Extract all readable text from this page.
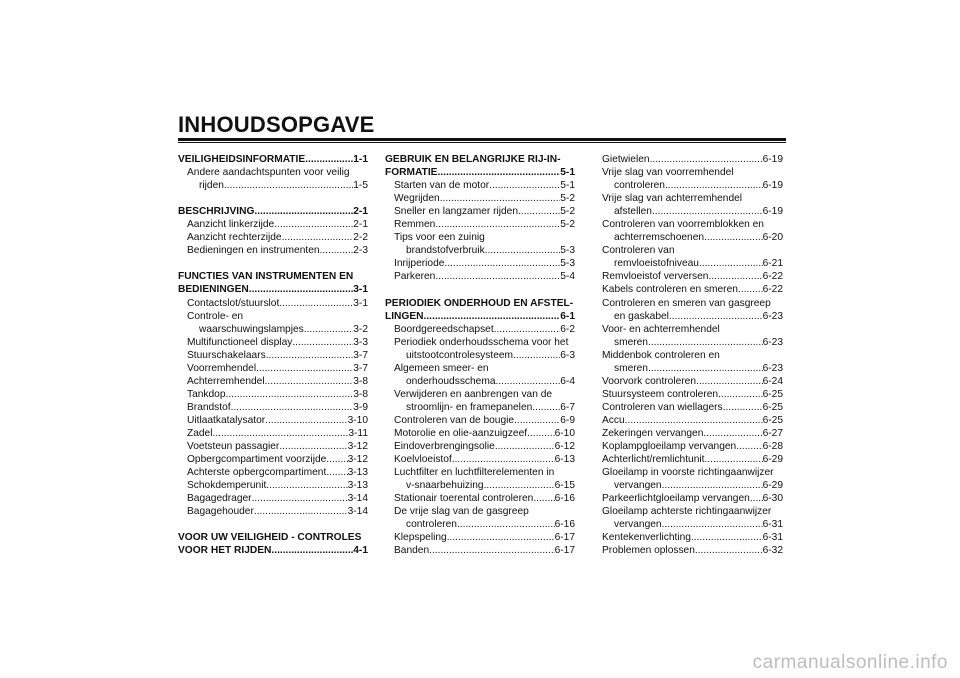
INHOUDSOPGAVE
VEILIGHEIDSINFORMATIE .....	1-1
Andere aandachtspunten voor veilig
rijden .....	1-5
BESCHRIJVING .....	2-1
Aanzicht linkerzijde .....	2-1
Aanzicht rechterzijde .....	2-2
Bedieningen en instrumenten .....	2-3
FUNCTIES VAN INSTRUMENTEN EN
BEDIENINGEN .....	3-1
Contactslot/stuurslot .....	3-1
Controle- en
waarschuwingslampjes .....	3-2
Multifunctioneel display .....	3-3
Stuurschakelaars .....	3-7
Voorremhendel .....	3-7
Achterremhendel .....	3-8
Tankdop .....	3-8
Brandstof .....	3-9
Uitlaatkatalysator .....	3-10
Zadel .....	3-11
Voetsteun passagier .....	3-12
Opbergcompartiment voorzijde ..... 3-12
Achterste opbergcompartiment ..... 3-13
Schokdemperunit .....	3-13
Bagagedrager .....	3-14
Bagagehouder .....	3-14
VOOR UW VEILIGHEID - CONTROLES
VOOR HET RIJDEN .....	4-1
GEBRUIK EN BELANGRIJKE RIJ-IN-
FORMATIE .....	5-1
Starten van de motor .....	5-1
Wegrijden .....	5-2
Sneller en langzamer rijden .....	5-2
Remmen .....	5-2
Tips voor een zuinig
brandstofverbruik .....	5-3
Inrijperiode .....	5-3
Parkeren .....	5-4
PERIODIEK ONDERHOUD EN AFSTEL-
LINGEN .....	6-1
Boordgereedschapset .....	6-2
Periodiek onderhoudsschema voor het
uitstootcontrolesysteem .....	6-3
Algemeen smeer- en
onderhoudsschema .....	6-4
Verwijderen en aanbrengen van de
stroomlijn- en framepanelen .....	6-7
Controleren van de bougie .....	6-9
Motorolie en olie-aanzuigzeef .....	6-10
Eindoverbrengingsolie .....	6-12
Koelvloeistof .....	6-13
Luchtfilter en luchtfilterelementen in
v-snaarbehuizing .....	6-15
Stationair toerental controleren ..... 6-16
De vrije slag van de gasgreep
controleren .....	6-16
Klepspeling .....	6-17
Banden .....	6-17
Gietwielen .....	6-19
Vrije slag van voorremhendel
controleren .....	6-19
Vrije slag van achterremhendel
afstellen .....	6-19
Controleren van voorremblokken en
achterremschoenen .....	6-20
Controleren van
remvloeistofniveau .....	6-21
Remvloeistof verversen .....	6-22
Kabels controleren en smeren ..... 6-22
Controleren en smeren van gasgreep
en gaskabel .....	6-23
Voor- en achterremhendel
smeren .....	6-23
Middenbok controleren en
smeren .....	6-23
Voorvork controleren .....	6-24
Stuursysteem controleren .....	6-25
Controleren van wiellagers .....	6-25
Accu .....	6-25
Zekeringen vervangen .....	6-27
Koplampgloeilamp vervangen .....	6-28
Achterlicht/remlichtunit .....	6-29
Gloeilamp in voorste richtingaanwijzer
vervangen .....	6-29
Parkeerlichtgloeilamp vervangen ..... 6-30
Gloeilamp achterste richtingaanwijzer
vervangen .....	6-31
Kentekenverlichting .....	6-31
Problemen oplossen .....	6-32
carmanualsonline.info
